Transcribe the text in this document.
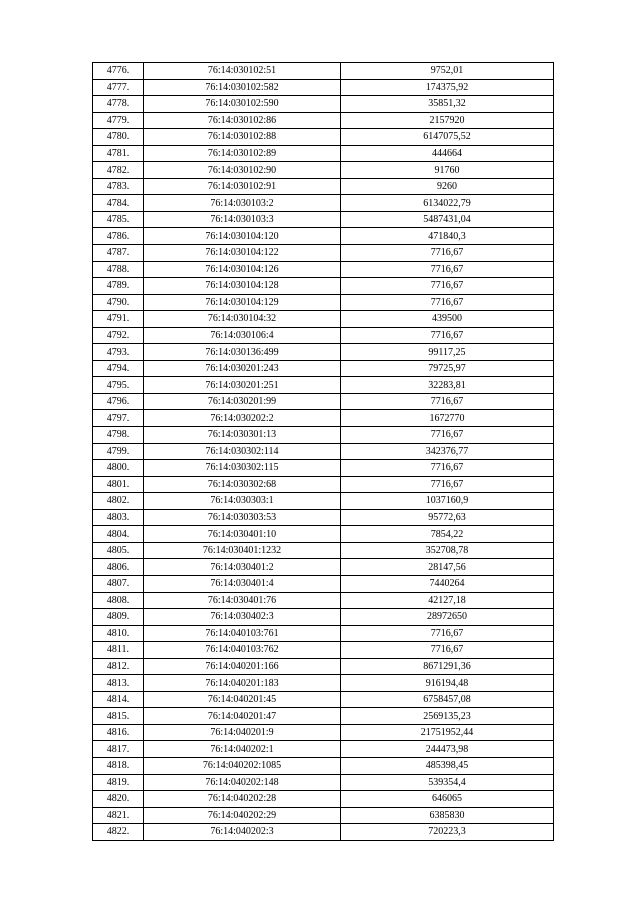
4776.	76:14:030102:51	9752,01
4777.	76:14:030102:582	174375,92
4778.	76:14:030102:590	35851,32
4779.	76:14:030102:86	2157920
4780.	76:14:030102:88	6147075,52
4781.	76:14:030102:89	444664
4782.	76:14:030102:90	91760
4783.	76:14:030102:91	9260
4784.	76:14:030103:2	6134022,79
4785.	76:14:030103:3	5487431,04
4786.	76:14:030104:120	471840,3
4787.	76:14:030104:122	7716,67
4788.	76:14:030104:126	7716,67
4789.	76:14:030104:128	7716,67
4790.	76:14:030104:129	7716,67
4791.	76:14:030104:32	439500
4792.	76:14:030106:4	7716,67
4793.	76:14:030136:499	99117,25
4794.	76:14:030201:243	79725,97
4795.	76:14:030201:251	32283,81
4796.	76:14:030201:99	7716,67
4797.	76:14:030202:2	1672770
4798.	76:14:030301:13	7716,67
4799.	76:14:030302:114	342376,77
4800.	76:14:030302:115	7716,67
4801.	76:14:030302:68	7716,67
4802.	76:14:030303:1	1037160,9
4803.	76:14:030303:53	95772,63
4804.	76:14:030401:10	7854,22
4805.	76:14:030401:1232	352708,78
4806.	76:14:030401:2	28147,56
4807.	76:14:030401:4	7440264
4808.	76:14:030401:76	42127,18
4809.	76:14:030402:3	28972650
4810.	76:14:040103:761	7716,67
4811.	76:14:040103:762	7716,67
4812.	76:14:040201:166	8671291,36
4813.	76:14:040201:183	916194,48
4814.	76:14:040201:45	6758457,08
4815.	76:14:040201:47	2569135,23
4816.	76:14:040201:9	21751952,44
4817.	76:14:040202:1	244473,98
4818.	76:14:040202:1085	485398,45
4819.	76:14:040202:148	539354,4
4820.	76:14:040202:28	646065
4821.	76:14:040202:29	6385830
4822.	76:14:040202:3	720223,3
